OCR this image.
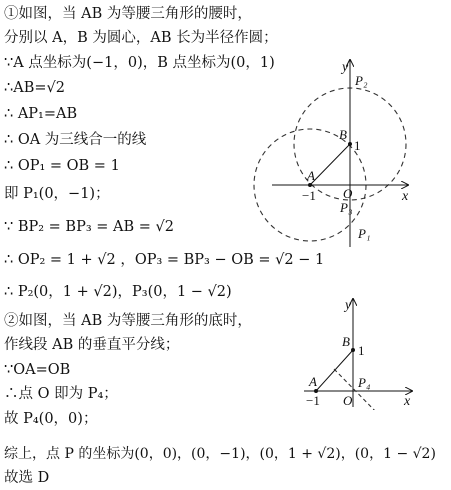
①如图，当 AB 为等腰三角形的腰时，
分别以 A，B 为圆心，AB 长为半径作圆；
∵A 点坐标为(−1，0)，B 点坐标为(0，1)
∴AB=√2
∴ AP₁=AB
∴ OA 为三线合一的线
∴ OP₁ = OB = 1
即 P₁(0，−1)；
∵ BP₂ = BP₃ = AB = √2
∴ OP₂ = 1 + √2 ，OP₃ = BP₃ − OB = √2 − 1
∴ P₂(0，1 + √2)，P₃(0，1 − √2)
②如图，当 AB 为等腰三角形的底时，
作线段 AB 的垂直平分线；
∵OA=OB
∴点 O 即为 P₄；
故 P₄(0，0)；
综上，点 P 的坐标为(0，0)，(0，−1)，(0，1 + √2)，(0，1 − √2)
故选 D
y
x
P₂
B
1
A
O
−1
P₃
P₁
y
x
B
1
A	P₄
O
−1
